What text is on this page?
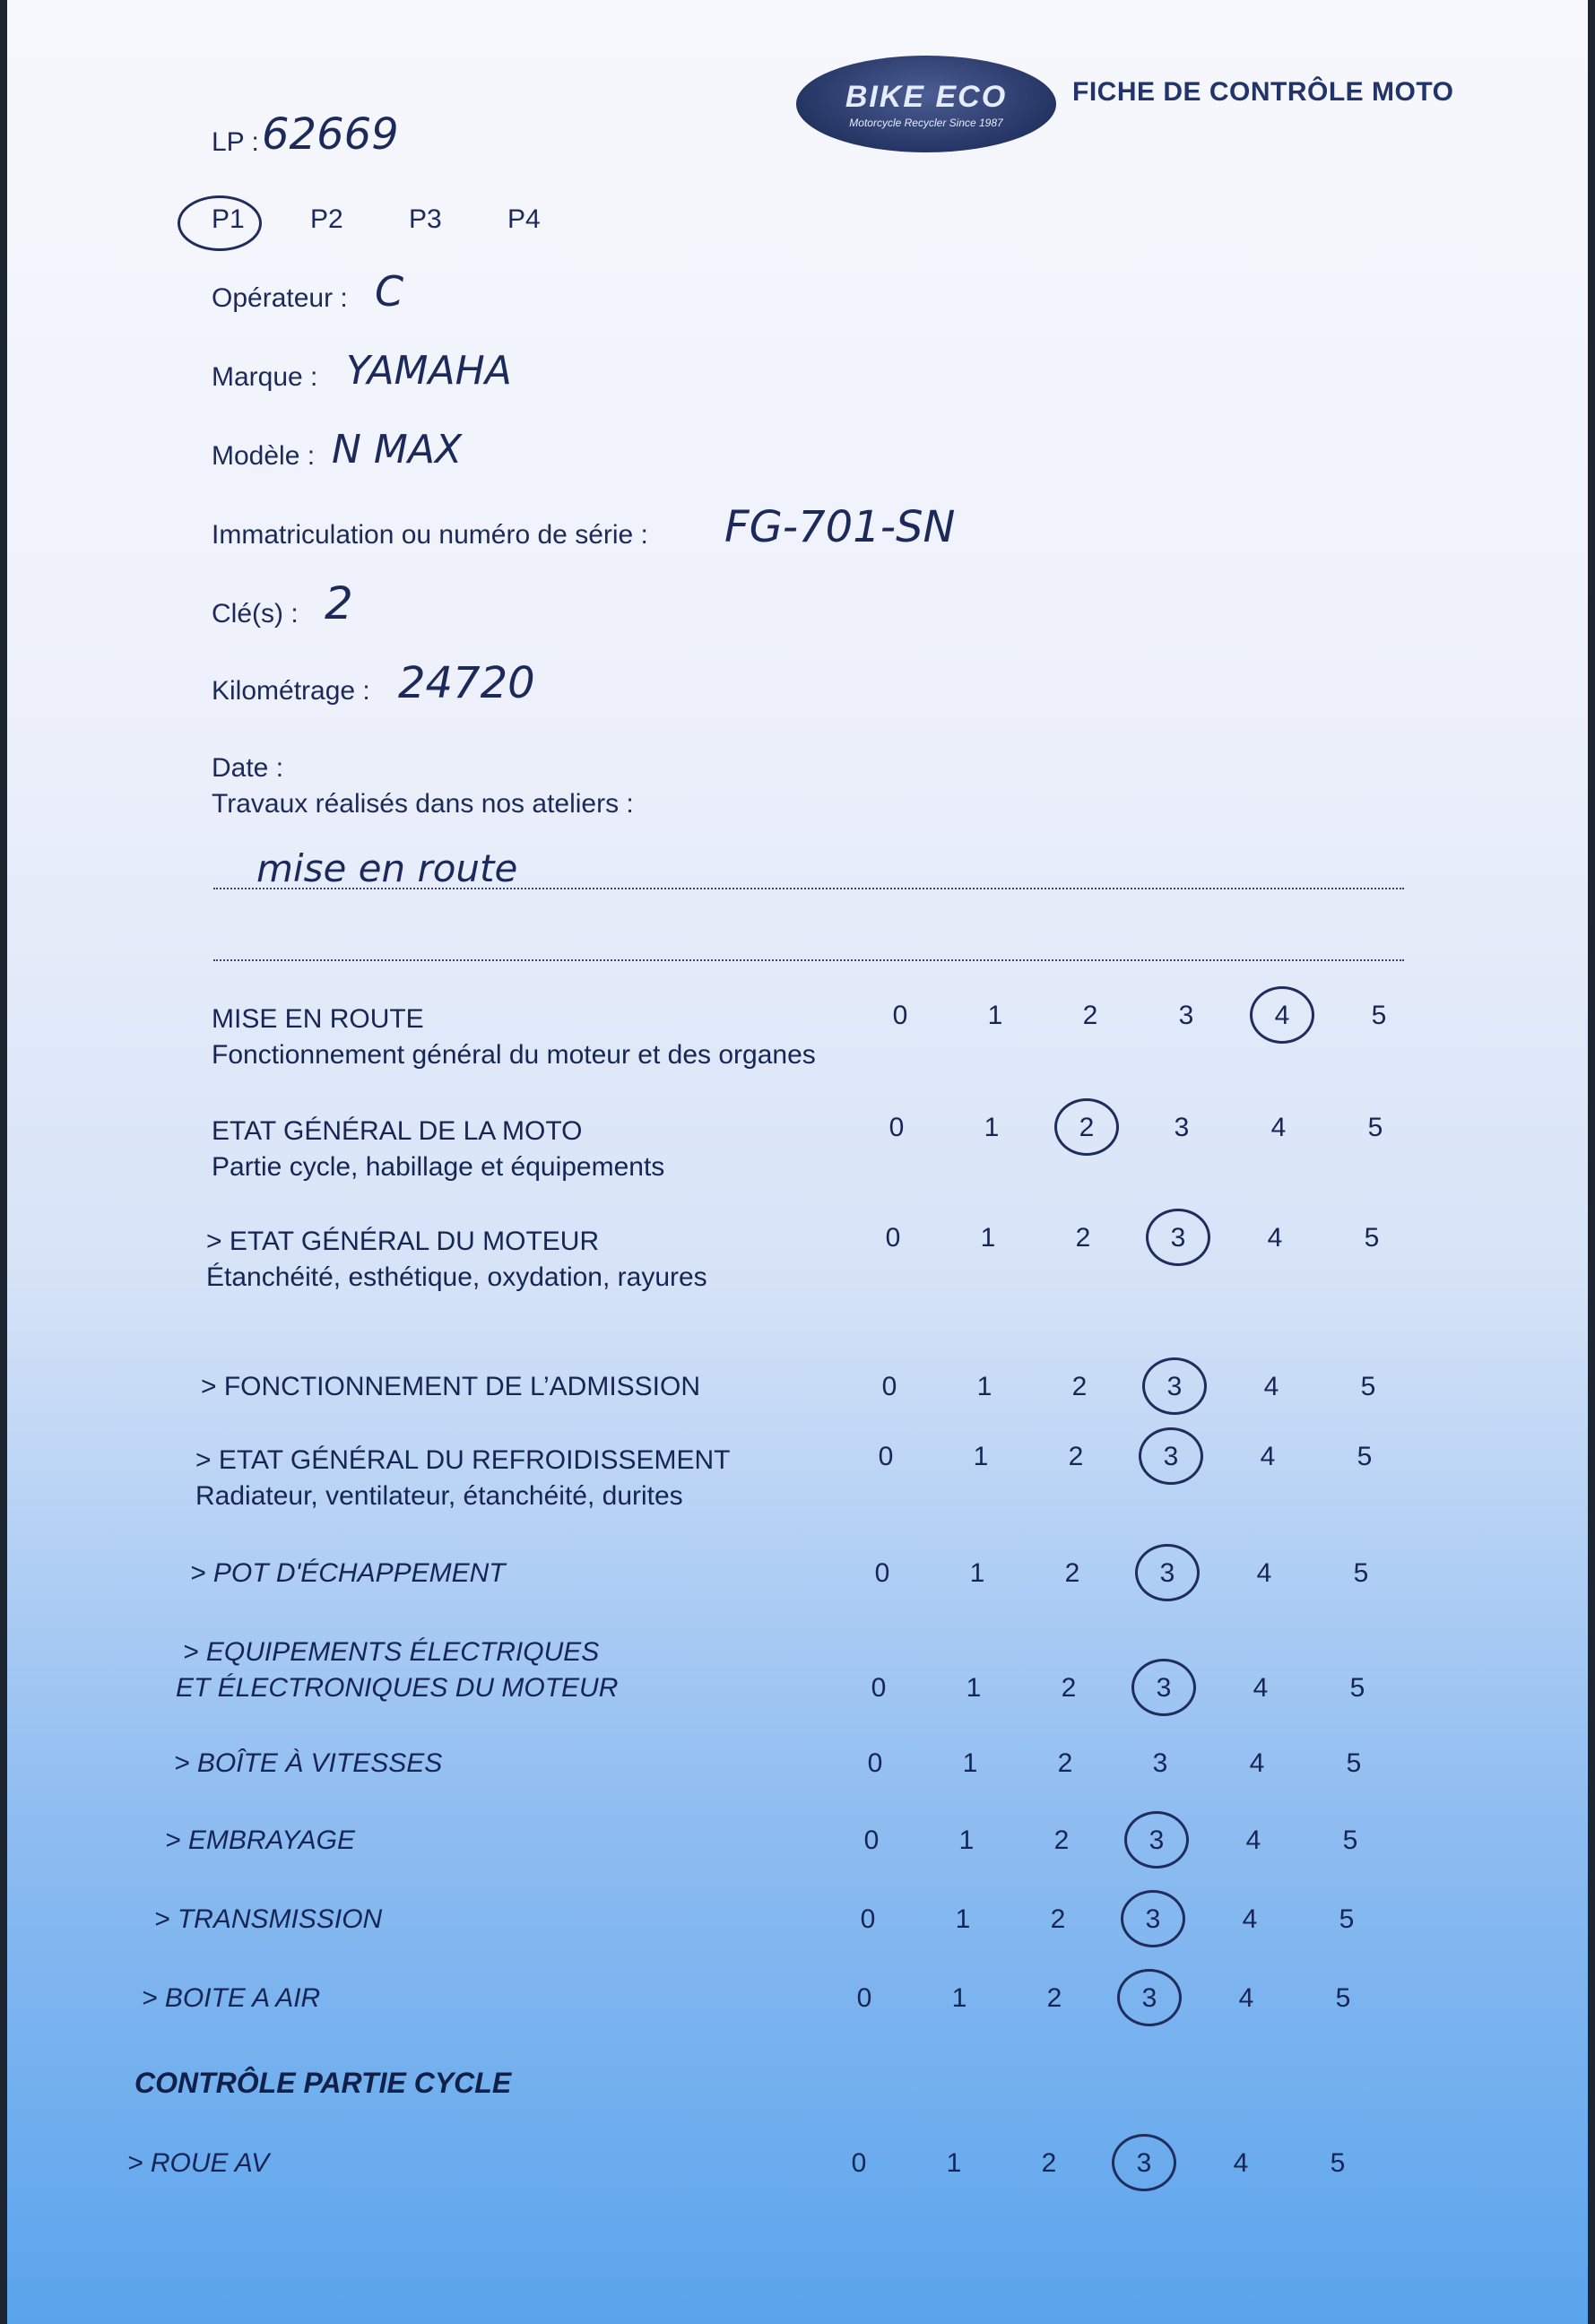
BIKE ECO
Motorcycle Recycler Since 1987
FICHE DE CONTRÔLE MOTO
LP : 62669
P1 P2 P3 P4
Opérateur : C
Marque : YAMAHA
Modèle : N MAX
Immatriculation ou numéro de série : FG-701-SN
Clé(s) : 2
Kilométrage : 24720
Date :
Travaux réalisés dans nos ateliers :
mise en route
MISE EN ROUTE
Fonctionnement général du moteur et des organes
0	1	2	3	4	5
ETAT GÉNÉRAL DE LA MOTO
Partie cycle, habillage et équipements
0	1	2	3	4	5
> ETAT GÉNÉRAL DU MOTEUR
Étanchéité, esthétique, oxydation, rayures
0	1	2	3	4	5
> FONCTIONNEMENT DE L’ADMISSION	0	1	2	3	4	5
> ETAT GÉNÉRAL DU REFROIDISSEMENT
Radiateur, ventilateur, étanchéité, durites
0	1	2	3	4	5
> POT D'ÉCHAPPEMENT	0	1	2	3	4	5
> EQUIPEMENTS ÉLECTRIQUES
ET ÉLECTRONIQUES DU MOTEUR	0	1	2	3	4	5
> BOÎTE À VITESSES	0	1	2	3	4	5
> EMBRAYAGE	0	1	2	3	4	5
> TRANSMISSION	0	1	2	3	4	5
> BOITE A AIR	0	1	2	3	4	5
CONTRÔLE PARTIE CYCLE
> ROUE AV	0	1	2	3	4	5
